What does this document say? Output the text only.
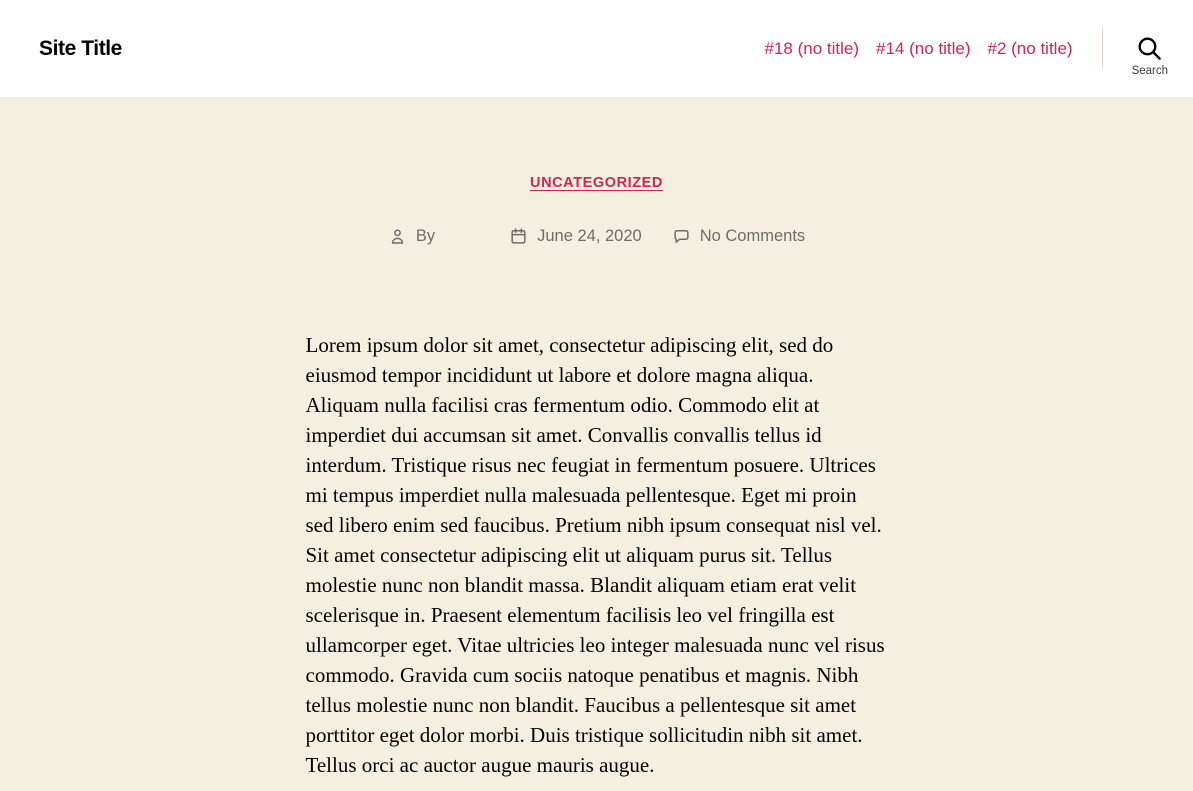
Site Title	#18 (no title) #14 (no title) #2 (no title)
Search
UNCATEGORIZED
By	June 24, 2020	No Comments

Lorem ipsum dolor sit amet, consectetur adipiscing elit, sed do eiusmod tempor incididunt ut labore et dolore magna aliqua. Aliquam nulla facilisi cras fermentum odio. Commodo elit at imperdiet dui accumsan sit amet. Convallis convallis tellus id interdum. Tristique risus nec feugiat in fermentum posuere. Ultrices mi tempus imperdiet nulla malesuada pellentesque. Eget mi proin sed libero enim sed faucibus. Pretium nibh ipsum consequat nisl vel. Sit amet consectetur adipiscing elit ut aliquam purus sit. Tellus molestie nunc non blandit massa. Blandit aliquam etiam erat velit scelerisque in. Praesent elementum facilisis leo vel fringilla est ullamcorper eget. Vitae ultricies leo integer malesuada nunc vel risus commodo. Gravida cum sociis natoque penatibus et magnis. Nibh tellus molestie nunc non blandit. Faucibus a pellentesque sit amet porttitor eget dolor morbi. Duis tristique sollicitudin nibh sit amet. Tellus orci ac auctor augue mauris augue.
